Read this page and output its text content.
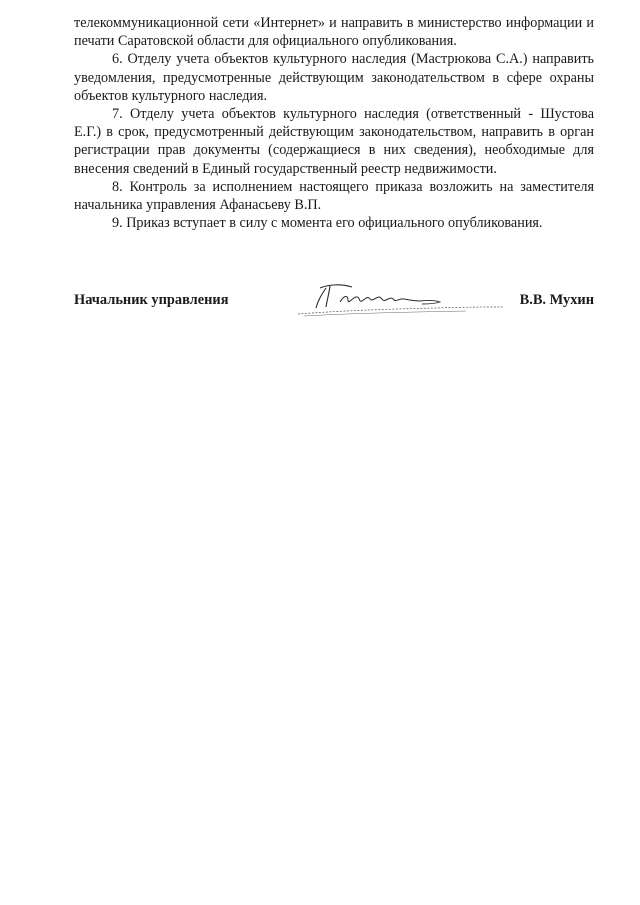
телекоммуникационной сети «Интернет» и направить в министерство информации и печати Саратовской области для официального опубликования.

6. Отделу учета объектов культурного наследия (Мастрюкова С.А.) направить уведомления, предусмотренные действующим законодательством в сфере охраны объектов культурного наследия.

7. Отделу учета объектов культурного наследия (ответственный - Шустова Е.Г.) в срок, предусмотренный действующим законодательством, направить в орган регистрации прав документы (содержащиеся в них сведения), необходимые для внесения сведений в Единый государственный реестр недвижимости.

8. Контроль за исполнением настоящего приказа возложить на заместителя начальника управления Афанасьеву В.П.

9. Приказ вступает в силу с момента его официального опубликования.

Начальник управления	В.В. Мухин
